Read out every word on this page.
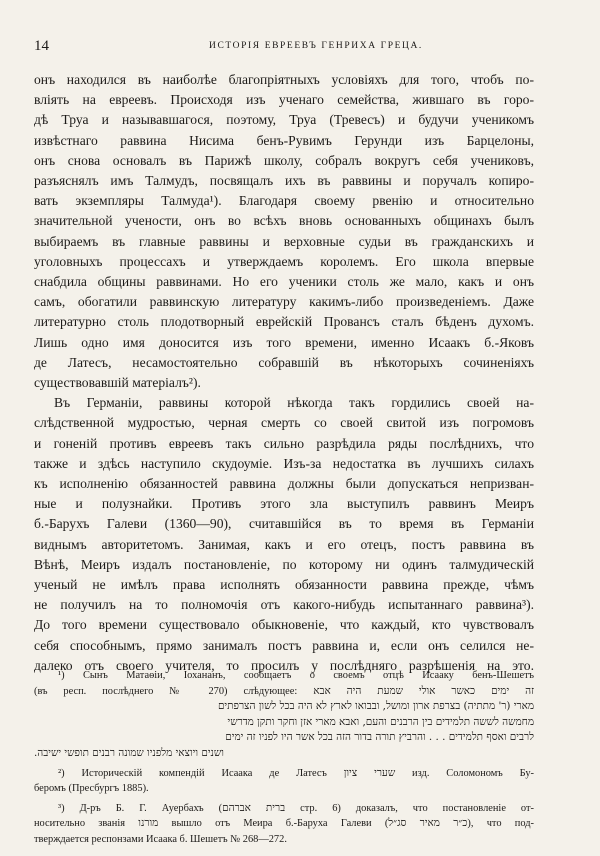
14	ИСТОРІЯ ЕВРЕЕВЪ ГЕНРИХА ГРЕЦА.
онъ находился въ наиболѣе благопріятныхъ условіяхъ для того, чтобъ по-
вліять на евреевъ. Происходя изъ ученаго семейства, жившаго въ горо-
дѣ Труа и называвшагося, поэтому, Труа (Тревесъ) и будучи ученикомъ
извѣстнаго раввина Нисима бенъ-Рувимъ Герунди изъ Барцелоны,
онъ снова основалъ въ Парижѣ школу, собралъ вокругъ себя учениковъ,
разъяснялъ имъ Талмудъ, посвящалъ ихъ въ раввины и поручалъ копиро-
вать экземпляры Талмуда¹). Благодаря своему рвенію и относительно
значительной учености, онъ во всѣхъ вновь основанныхъ общинахъ былъ
выбираемъ въ главные раввины и верховные судьи въ гражданскихъ и
уголовныхъ процессахъ и утверждаемъ королемъ. Его школа впервые
снабдила общины раввинами. Но его ученики столь же мало, какъ и онъ
самъ, обогатили раввинскую литературу какимъ-либо произведеніемъ. Даже
литературно столь плодотворный еврейскій Провансъ сталъ бѣденъ духомъ.
Лишь одно имя доносится изъ того времени, именно Исаакъ б.-Яковъ
де Латесъ, несамостоятельно собравшій въ нѣкоторыхъ сочиненіяхъ
существовавшій матеріалъ²).
Въ Германіи, раввины которой нѣкогда такъ гордились своей на-
слѣдственной мудростью, черная смерть со своей свитой изъ погромовъ
и гоненій противъ евреевъ такъ сильно разрѣдила ряды послѣднихъ, что
также и здѣсь наступило скудоуміе. Изъ-за недостатка въ лучшихъ силахъ
къ исполненію обязанностей раввина должны были допускаться непризван-
ные и полузнайки. Противъ этого зла выступилъ раввинъ Меиръ
б.-Барухъ Галеви (1360—90), считавшійся въ то время въ Германіи
виднымъ авторитетомъ. Занимая, какъ и его отецъ, постъ раввина въ
Вѣнѣ, Меиръ издалъ постановленіе, по которому ни одинъ талмудическій
ученый не имѣлъ права исполнять обязанности раввина прежде, чѣмъ
не получилъ на то полномочія отъ какого-нибудь испытаннаго раввина³).
До того времени существовало обыкновеніе, что каждый, кто чувствовалъ
себя способнымъ, прямо занималъ постъ раввина и, если онъ селился не-
далеко отъ своего учителя, то просилъ у послѣдняго разрѣшенія на это.
¹) Сынъ Матаѳіи, Іохананъ, сообщаетъ о своемъ отцѣ Исааку бенъ-Шешетъ
(въ респ. послѣднего № 270) слѣдующее: זה ימים כאשר אולי שמעת היה אבא
מארי (ר' מתתיה) בצרפת ארון ומושל, ובבואו לארץ לא היה בכל לשון הצרפתים
מחמשה לששה תלמידים בין הרבנים והעם, ואבא מארי אזן וחקר ותקן מדרשי
לרבים ואסף תלמידים . . . והרביץ תורה בדור הזה בכל אשר היו לפניו זה ימים
ושנים ויוצאי מלפניו שמונה רבנים תופשי ישיבה.
²) Историческій компендій Исаака де Латесъ שערי ציון изд. Соломономъ Бу-
беромъ (Пресбургъ 1885).
³) Д-ръ Б. Г. Ауербахъ (ברית אברהם стр. 6) доказалъ, что постановленіе от-
носительно званія מורנו вышло отъ Меира б.-Баруха Галеви (כ״ר מאיר סג״ל), что под-
тверждается респонзами Исаака б. Шешетъ № 268—272.
